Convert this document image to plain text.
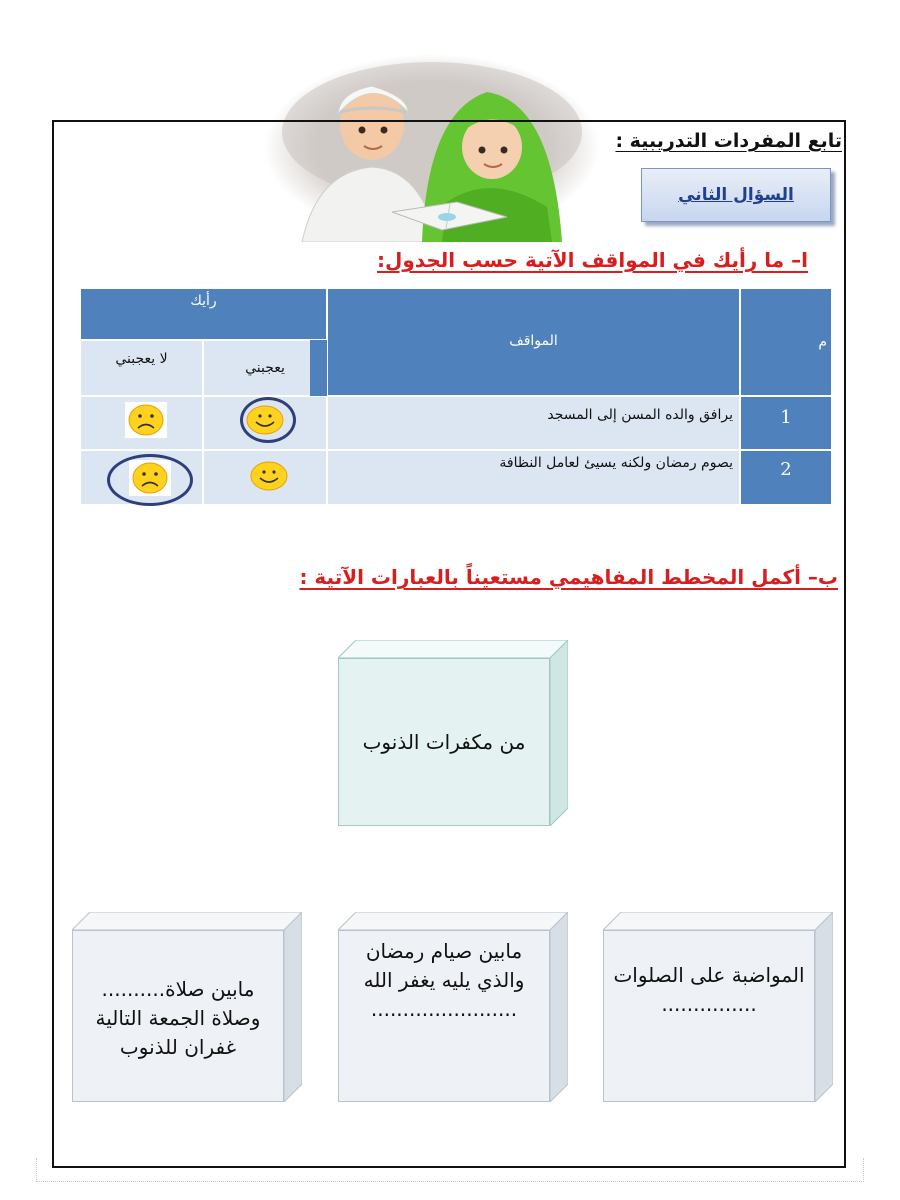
تابع المفردات التدريبية :
السؤال الثاني
ا– ما رأيك في المواقف الآتية حسب الجدول:
م
المواقف
رأيك
يعجبني
لا يعجبني
1
يرافق والده المسن إلى المسجد
2
يصوم رمضان ولكنه يسيئ لعامل النظافة
ب– أكمل المخطط المفاهيمي مستعيناً بالعبارات الآتية :
من مكفرات الذنوب
المواضبة على الصلوات
...............
مابين صيام رمضان
والذي يليه يغفر الله
.......................
مابين صلاة..........
وصلاة الجمعة التالية
غفران للذنوب
